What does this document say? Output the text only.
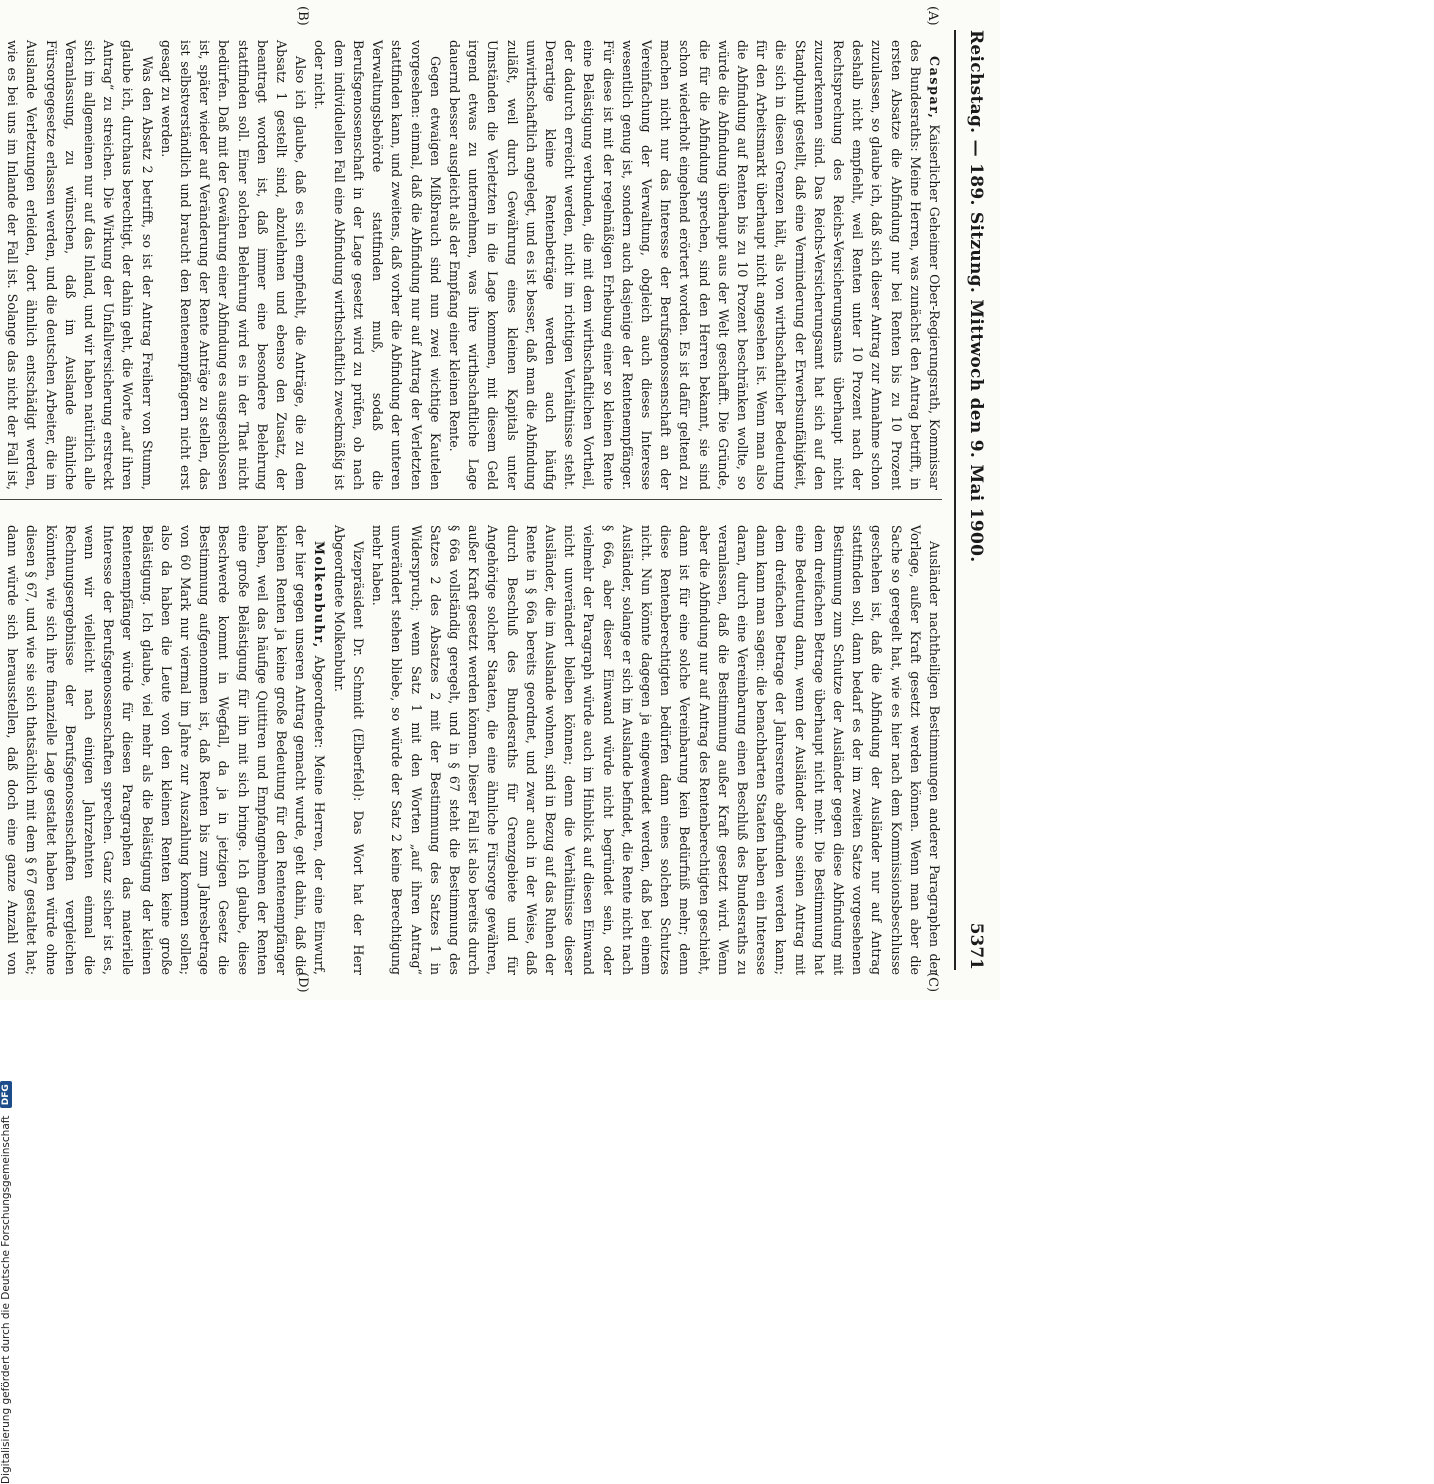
Reichstag. — 189. Sitzung. Mittwoch den 9. Mai 1900.
5371
(A)
(B)
(C)
(D)

Caspar, Kaiserlicher Geheimer Ober-Regierungsrath, Kommissar des Bundesraths: Meine Herren, was zunächst den Antrag betrifft, in ersten Absatze die Abfindung nur bei Renten bis zu 10 Prozent zuzulassen, so glaube ich, daß sich dieser Antrag zur Annahme schon deshalb nicht empfiehlt, weil Renten unter 10 Prozent nach der Rechtsprechung des Reichs-Versicherungsamts überhaupt nicht zuzuerkennen sind. Das Reichs-Versicherungsamt hat sich auf den Standpunkt gestellt, daß eine Verminderung der Erwerbsunfähigkeit, die sich in diesen Grenzen hält, als von wirthschaftlicher Bedeutung für den Arbeitsmarkt überhaupt nicht angesehen ist. Wenn man also die Abfindung auf Renten bis zu 10 Prozent beschränken wollte, so würde die Abfindung überhaupt aus der Welt geschafft. Die Gründe, die für die Abfindung sprechen, sind den Herren bekannt, sie sind schon wiederholt eingehend erörtert worden. Es ist dafür geltend zu machen nicht nur das Interesse der Berufsgenossenschaft an der Vereinfachung der Verwaltung, obgleich auch dieses Interesse wesentlich genug ist, sondern auch dasjenige der Rentenempfänger. Für diese ist mit der regelmäßigen Erhebung einer so kleinen Rente eine Belästigung verbunden, die mit dem wirthschaftlichen Vortheil, der dadurch erreicht werden, nicht im richtigen Verhältnisse steht. Derartige kleine Rentenbeträge werden auch häufig unwirthschaftlich angelegt, und es ist besser, daß man die Abfindung zuläßt, weil durch Gewährung eines kleinen Kapitals unter Umständen die Verletzten in die Lage kommen, mit diesem Geld irgend etwas zu unternehmen, was ihre wirthschaftliche Lage dauernd besser ausgleicht als der Empfang einer kleinen Rente.

Gegen etwaigen Mißbrauch sind nun zwei wichtige Kautelen vorgesehen: einmal, daß die Abfindung nur auf Antrag der Verletzten stattfinden kann, und zweitens, daß vorher die Abfindung der unteren Verwaltungsbehörde stattfinden muß, sodaß die Berufsgenossenschaft in der Lage gesetzt wird zu prüfen, ob nach dem individuellen Fall eine Abfindung wirthschaftlich zweckmäßig ist oder nicht.

Also ich glaube, daß es sich empfiehlt, die Anträge, die zu dem Absatz 1 gestellt sind, abzulehnen und ebenso den Zusatz, der beantragt worden ist, daß immer eine besondere Belehrung stattfinden soll. Einer solchen Belehrung wird es in der That nicht bedürfen. Daß mit der Gewährung einer Abfindung es ausgeschlossen ist, später wieder auf Veränderung der Rente Anträge zu stellen, das ist selbstverständlich und braucht den Rentenempfängern nicht erst gesagt zu werden.

Was den Absatz 2 betrifft, so ist der Antrag Freiherr von Stumm, glaube ich, durchaus berechtigt, der dahin geht, die Worte „auf ihren Antrag“ zu streichen. Die Wirkung der Unfallversicherung erstreckt sich im allgemeinen nur auf das Inland, und wir haben natürlich alle Veranlassung, zu wünschen, daß im Auslande ähnliche Fürsorgegesetze erlassen werden, und die deutschen Arbeiter, die im Auslande Verletzungen erleiden, dort ähnlich entschädigt werden, wie es bei uns im Inlande der Fall ist. Solange das nicht der Fall ist,

Ausländer nachtheiligen Bestimmungen anderer Paragraphen der Vorlage, außer Kraft gesetzt werden können. Wenn man aber die Sache so geregelt hat, wie es hier nach dem Kommissionsbeschlusse geschehen ist, daß die Abfindung der Ausländer nur auf Antrag stattfinden soll, dann bedarf es der im zweiten Satze vorgesehenen Bestimmung zum Schutze der Ausländer gegen diese Abfindung mit dem dreifachen Betrage überhaupt nicht mehr. Die Bestimmung hat eine Bedeutung dann, wenn der Ausländer ohne seinen Antrag mit dem dreifachen Betrage der Jahresrente abgefunden werden kann; dann kann man sagen: die benachbarten Staaten haben ein Interesse daran, durch eine Vereinbarung einen Beschluß des Bundesraths zu veranlassen, daß die Bestimmung außer Kraft gesetzt wird. Wenn aber die Abfindung nur auf Antrag des Rentenberechtigten geschieht, dann ist für eine solche Vereinbarung kein Bedürfniß mehr; denn diese Rentenberechtigten bedürfen dann eines solchen Schutzes nicht. Nun könnte dagegen ja eingewendet werden, daß bei einem Ausländer, solange er sich im Auslande befindet, die Rente nicht nach § 66a, aber dieser Einwand würde nicht begründet sein, oder vielmehr der Paragraph würde auch im Hinblick auf diesen Einwand nicht unverändert bleiben können; denn die Verhältnisse dieser Ausländer, die im Auslande wohnen, sind in Bezug auf das Ruhen der Rente in § 66a bereits geordnet, und zwar auch in der Weise, daß durch Beschluß des Bundesraths für Grenzgebiete und für Angehörige solcher Staaten, die eine ähnliche Fürsorge gewähren, außer Kraft gesetzt werden können. Dieser Fall ist also bereits durch § 66a vollständig geregelt, und in § 67 steht die Bestimmung des Satzes 2 des Absatzes 2 mit der Bestimmung des Satzes 1 in Widerspruch; wenn Satz 1 mit den Worten „auf ihren Antrag“ unverändert stehen bliebe, so würde der Satz 2 keine Berechtigung mehr haben.

Vizepräsident Dr. Schmidt (Elberfeld): Das Wort hat der Herr Abgeordnete Molkenbuhr.

Molkenbuhr, Abgeordneter: Meine Herren, der eine Einwurf, der hier gegen unseren Antrag gemacht wurde, geht dahin, daß die kleinen Renten ja keine große Bedeutung für den Rentenempfänger haben, weil das häufige Quittiren und Empfangnehmen der Renten eine große Belästigung für ihn mit sich bringe. Ich glaube, diese Beschwerde kommt in Wegfall, da ja in jetzigen Gesetz die Bestimmung aufgenommen ist, daß Renten bis zum Jahresbetrage von 60 Mark nur viermal im Jahre zur Auszahlung kommen sollen; also da haben die Leute von den kleinen Renten keine große Belästigung. Ich glaube, viel mehr als die Belästigung der kleinen Rentenempfänger würde für diesen Paragraphen das materielle Interesse der Berufsgenossenschaften sprechen. Ganz sicher ist es, wenn wir vielleicht nach einigen Jahrzehnten einmal die Rechnungsergebnisse der Berufsgenossenschaften vergleichen könnten, wie sich ihre finanzielle Lage gestaltet haben würde ohne diesen § 67, und wie sie sich thatsächlich mit dem § 67 gestaltet hat; dann würde sich herausstellen, daß doch eine ganze Anzahl von

Digitalisierung gefördert durch die Deutsche Forschungsgemeinschaft DFG
